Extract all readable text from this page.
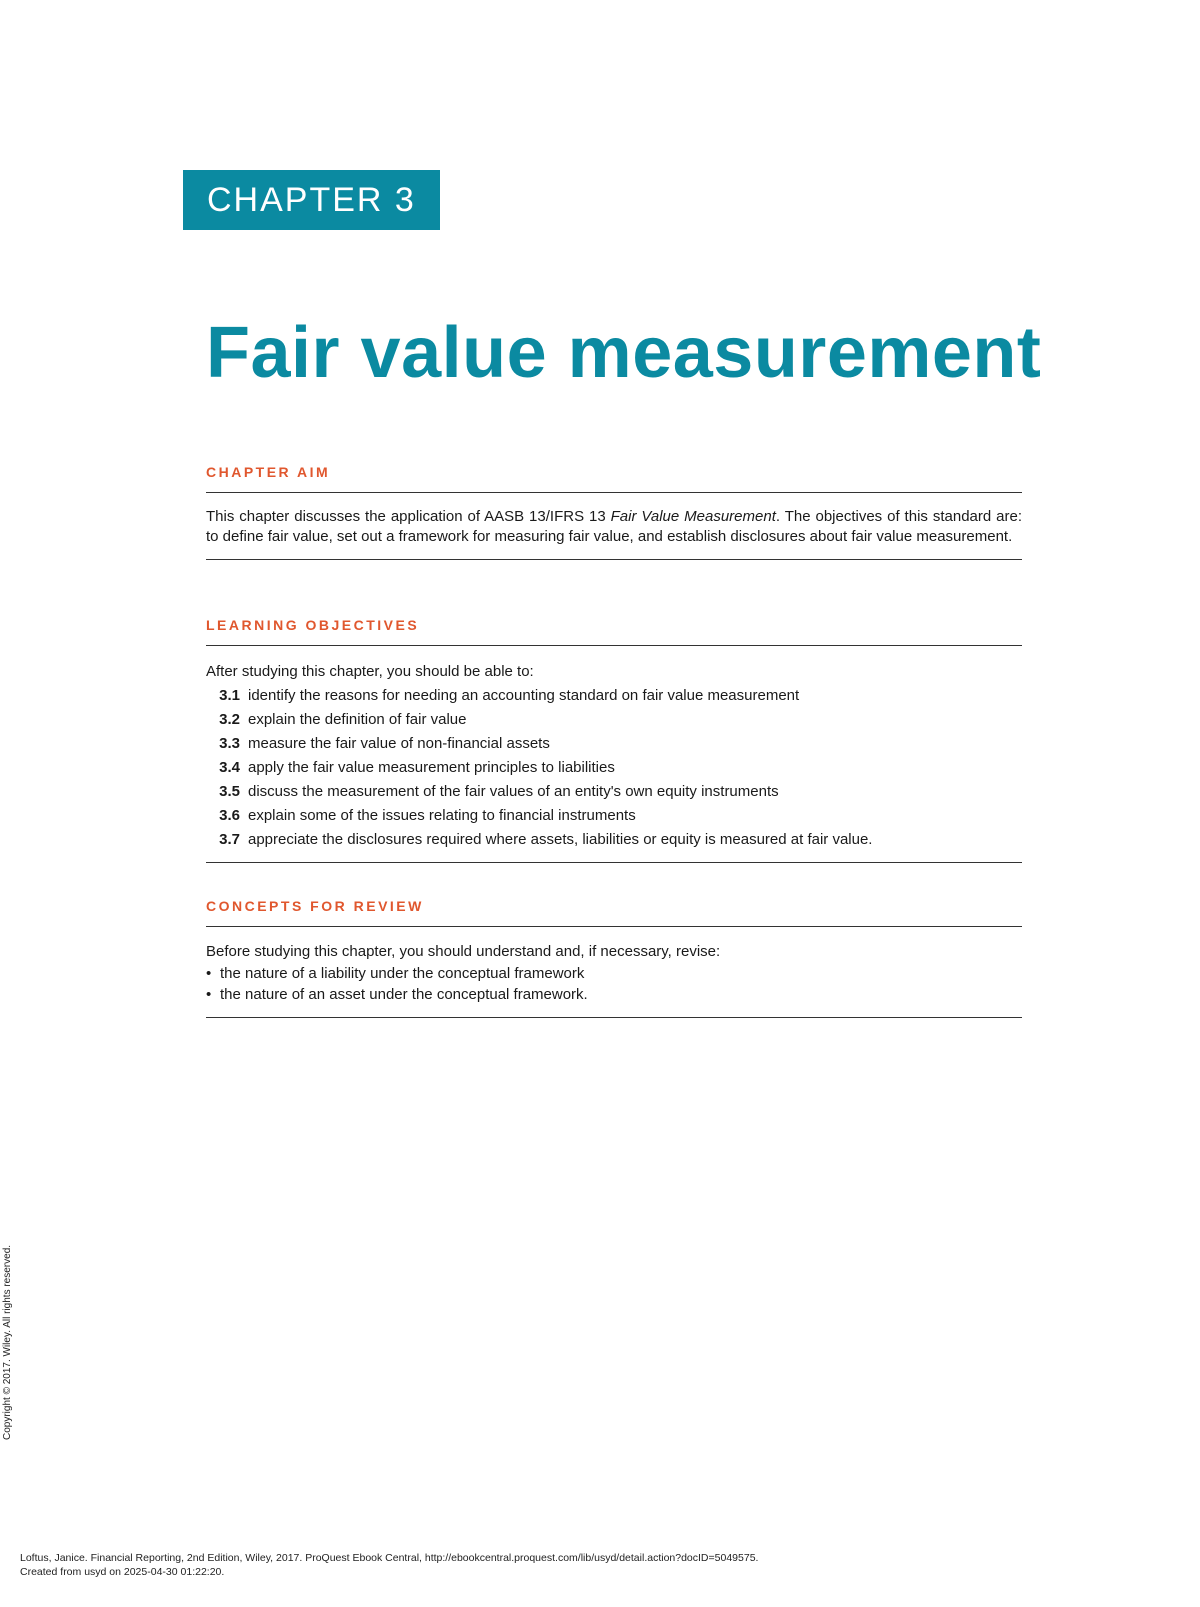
CHAPTER 3
Fair value measurement
CHAPTER AIM

This chapter discusses the application of AASB 13/IFRS 13 Fair Value Measurement. The objectives of this standard are: to define fair value, set out a framework for measuring fair value, and establish disclosures about fair value measurement.

LEARNING OBJECTIVES

After studying this chapter, you should be able to:

3.1 identify the reasons for needing an accounting standard on fair value measurement
3.2 explain the definition of fair value
3.3 measure the fair value of non-financial assets
3.4 apply the fair value measurement principles to liabilities
3.5 discuss the measurement of the fair values of an entity's own equity instruments
3.6 explain some of the issues relating to financial instruments
3.7 appreciate the disclosures required where assets, liabilities or equity is measured at fair value.
CONCEPTS FOR REVIEW

Before studying this chapter, you should understand and, if necessary, revise:

• the nature of a liability under the conceptual framework
• the nature of an asset under the conceptual framework.
Copyright © 2017. Wiley. All rights reserved.
Loftus, Janice. Financial Reporting, 2nd Edition, Wiley, 2017. ProQuest Ebook Central, http://ebookcentral.proquest.com/lib/usyd/detail.action?docID=5049575.
Created from usyd on 2025-04-30 01:22:20.
